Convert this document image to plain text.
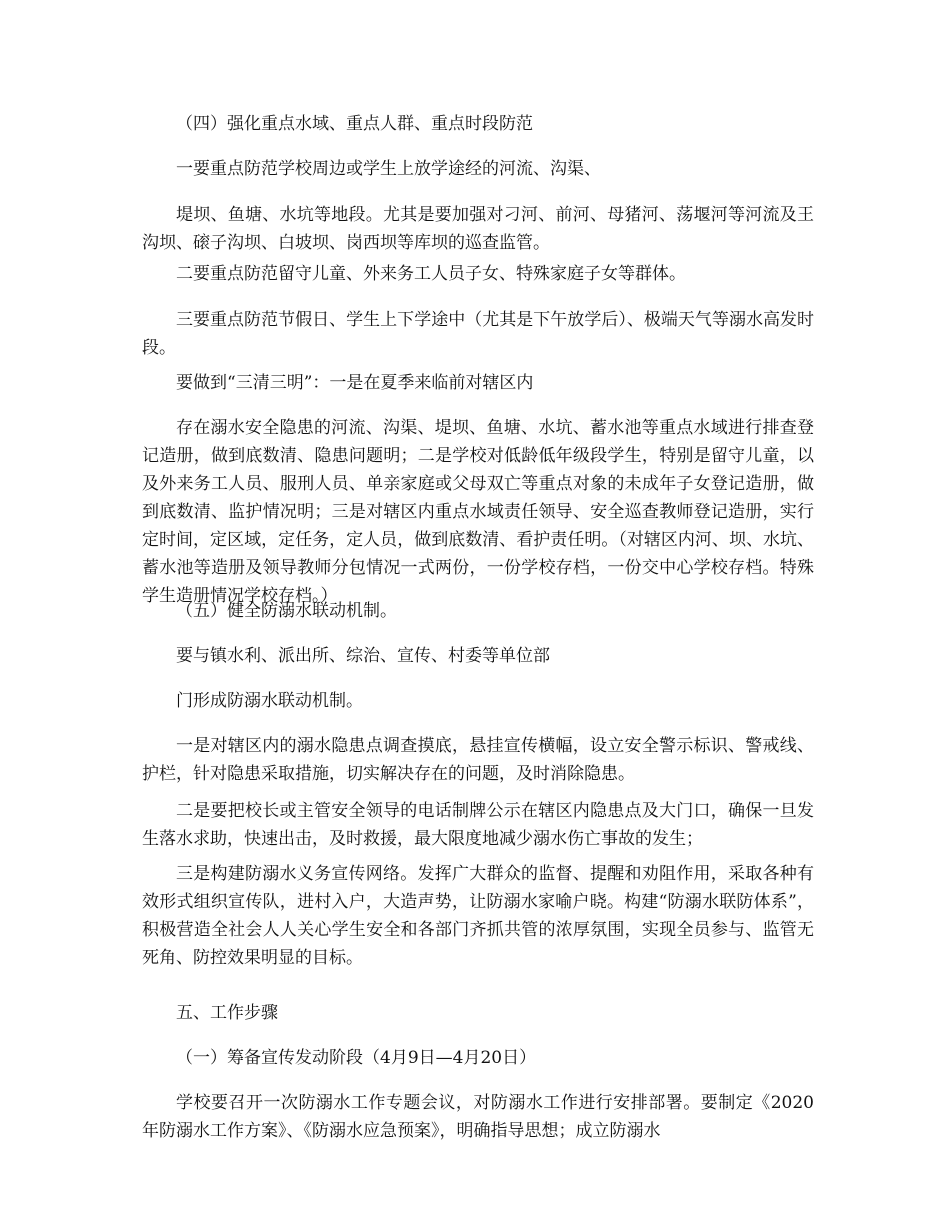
（四）强化重点水域、重点人群、重点时段防范

一要重点防范学校周边或学生上放学途经的河流、沟渠、

堤坝、鱼塘、水坑等地段。尤其是要加强对刁河、前河、母猪河、荡堰河等河流及王沟坝、磙子沟坝、白坡坝、岗西坝等库坝的巡查监管。

二要重点防范留守儿童、外来务工人员子女、特殊家庭子女等群体。

三要重点防范节假日、学生上下学途中（尤其是下午放学后）、极端天气等溺水高发时段。

要做到“三清三明”：一是在夏季来临前对辖区内

存在溺水安全隐患的河流、沟渠、堤坝、鱼塘、水坑、蓄水池等重点水域进行排查登记造册，做到底数清、隐患问题明；二是学校对低龄低年级段学生，特别是留守儿童，以及外来务工人员、服刑人员、单亲家庭或父母双亡等重点对象的未成年子女登记造册，做到底数清、监护情况明；三是对辖区内重点水域责任领导、安全巡查教师登记造册，实行定时间，定区域，定任务，定人员，做到底数清、看护责任明。（对辖区内河、坝、水坑、蓄水池等造册及领导教师分包情况一式两份，一份学校存档，一份交中心学校存档。特殊学生造册情况学校存档。）

（五）健全防溺水联动机制。

要与镇水利、派出所、综治、宣传、村委等单位部

门形成防溺水联动机制。

一是对辖区内的溺水隐患点调查摸底，悬挂宣传横幅，设立安全警示标识、警戒线、护栏，针对隐患采取措施，切实解决存在的问题，及时消除隐患。

二是要把校长或主管安全领导的电话制牌公示在辖区内隐患点及大门口，确保一旦发生落水求助，快速出击，及时救援，最大限度地减少溺水伤亡事故的发生；

三是构建防溺水义务宣传网络。发挥广大群众的监督、提醒和劝阻作用，采取各种有效形式组织宣传队，进村入户，大造声势，让防溺水家喻户晓。构建“防溺水联防体系”，积极营造全社会人人关心学生安全和各部门齐抓共管的浓厚氛围，实现全员参与、监管无死角、防控效果明显的目标。

五、工作步骤

（一）筹备宣传发动阶段（4月9日—4月20日）

学校要召开一次防溺水工作专题会议，对防溺水工作进行安排部署。要制定《2020年防溺水工作方案》、《防溺水应急预案》，明确指导思想；成立防溺水
